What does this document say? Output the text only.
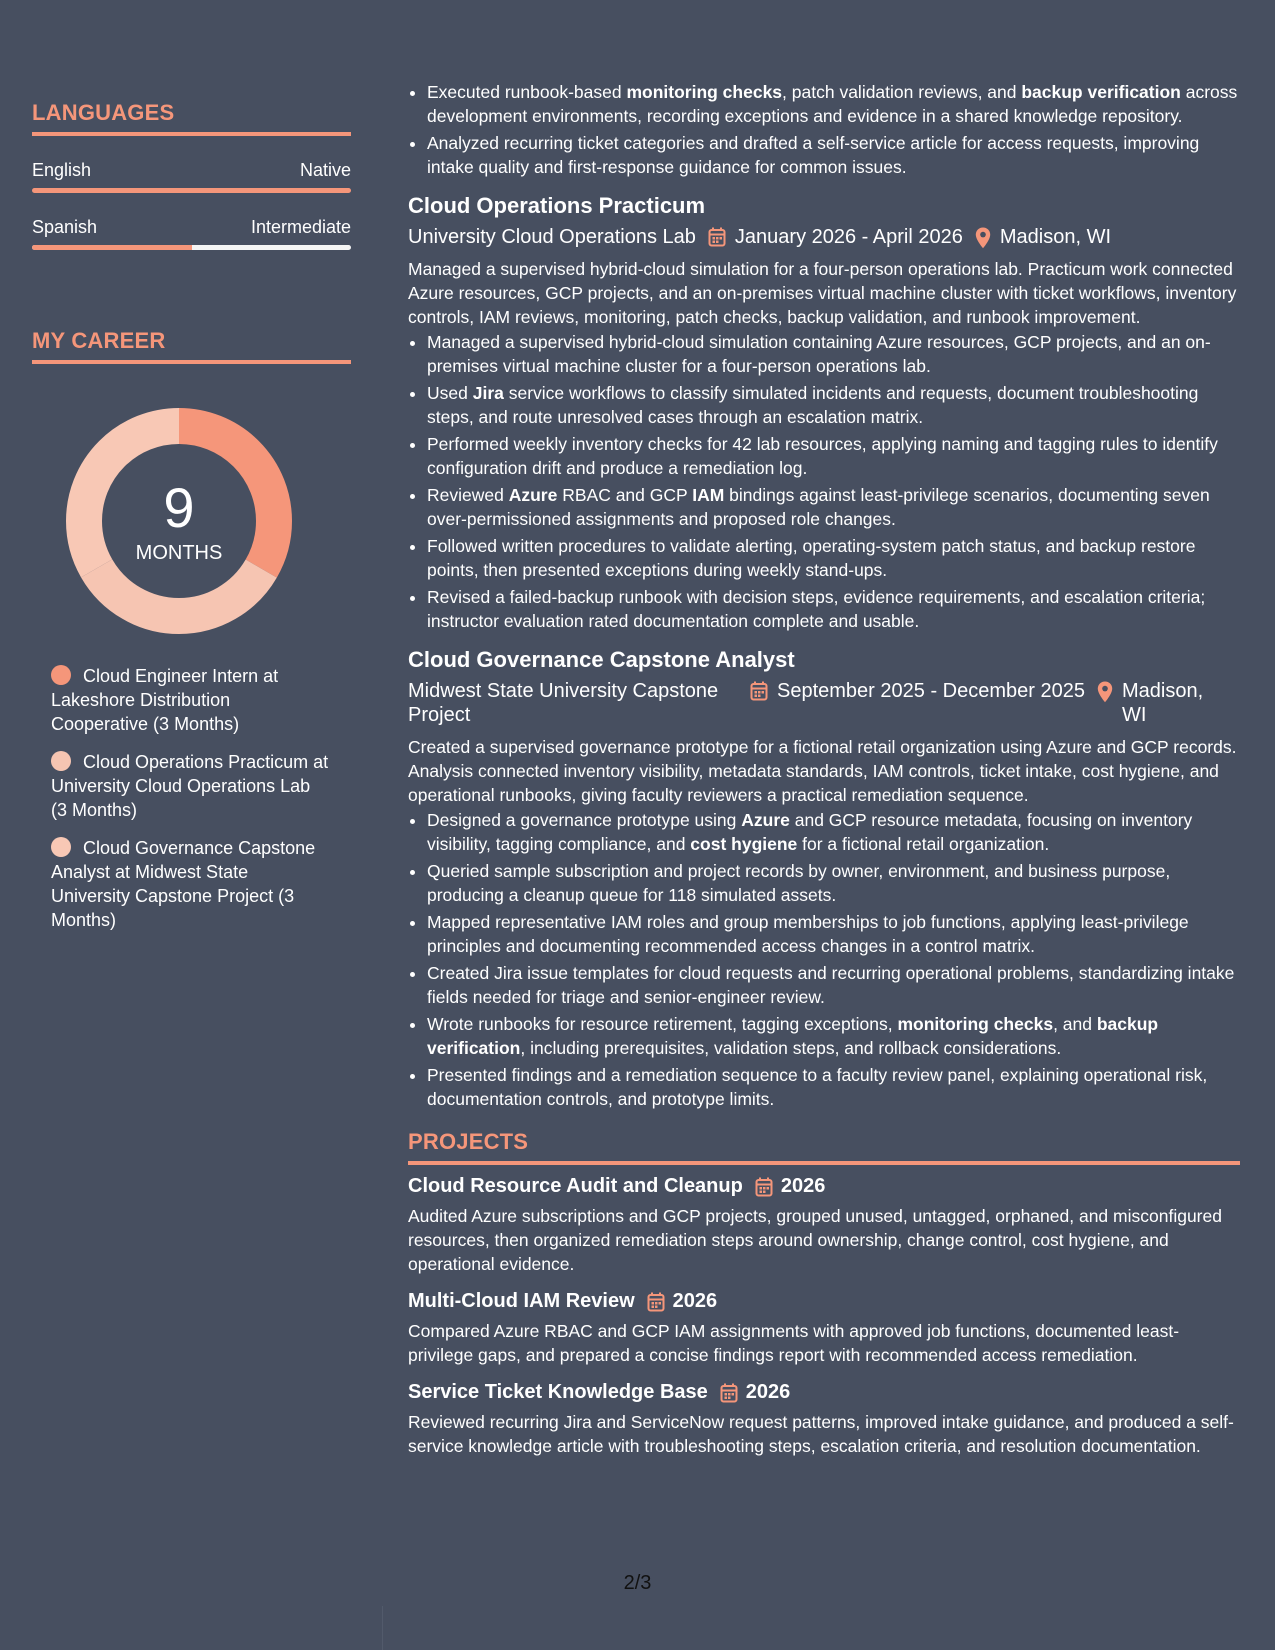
LANGUAGES
English	Native
Spanish	Intermediate
MY CAREER
9
MONTHS
Cloud Engineer Intern at Lakeshore Distribution Cooperative (3 Months)
Cloud Operations Practicum at University Cloud Operations Lab (3 Months)
Cloud Governance Capstone Analyst at Midwest State University Capstone Project (3 Months)
• Executed runbook-based monitoring checks, patch validation reviews, and backup verification across development environments, recording exceptions and evidence in a shared knowledge repository.
• Analyzed recurring ticket categories and drafted a self-service article for access requests, improving intake quality and first-response guidance for common issues.
Cloud Operations Practicum
University Cloud Operations Lab January 2026 - April 2026 Madison, WI

Managed a supervised hybrid-cloud simulation for a four-person operations lab. Practicum work connected Azure resources, GCP projects, and an on-premises virtual machine cluster with ticket workflows, inventory controls, IAM reviews, monitoring, patch checks, backup validation, and runbook improvement.

• Managed a supervised hybrid-cloud simulation containing Azure resources, GCP projects, and an on-premises virtual machine cluster for a four-person operations lab.
• Used Jira service workflows to classify simulated incidents and requests, document troubleshooting steps, and route unresolved cases through an escalation matrix.
• Performed weekly inventory checks for 42 lab resources, applying naming and tagging rules to identify configuration drift and produce a remediation log.
• Reviewed Azure RBAC and GCP IAM bindings against least-privilege scenarios, documenting seven over-permissioned assignments and proposed role changes.
• Followed written procedures to validate alerting, operating-system patch status, and backup restore points, then presented exceptions during weekly stand-ups.
• Revised a failed-backup runbook with decision steps, evidence requirements, and escalation criteria; instructor evaluation rated documentation complete and usable.
Cloud Governance Capstone Analyst
Midwest State University Capstone Project
September 2025 - December 2025 Madison, WI

Created a supervised governance prototype for a fictional retail organization using Azure and GCP records. Analysis connected inventory visibility, metadata standards, IAM controls, ticket intake, cost hygiene, and operational runbooks, giving faculty reviewers a practical remediation sequence.

• Designed a governance prototype using Azure and GCP resource metadata, focusing on inventory visibility, tagging compliance, and cost hygiene for a fictional retail organization.
• Queried sample subscription and project records by owner, environment, and business purpose, producing a cleanup queue for 118 simulated assets.
• Mapped representative IAM roles and group memberships to job functions, applying least-privilege principles and documenting recommended access changes in a control matrix.
• Created Jira issue templates for cloud requests and recurring operational problems, standardizing intake fields needed for triage and senior-engineer review.
• Wrote runbooks for resource retirement, tagging exceptions, monitoring checks, and backup verification, including prerequisites, validation steps, and rollback considerations.
• Presented findings and a remediation sequence to a faculty review panel, explaining operational risk, documentation controls, and prototype limits.
PROJECTS
Cloud Resource Audit and Cleanup 2026
Audited Azure subscriptions and GCP projects, grouped unused, untagged, orphaned, and misconfigured resources, then organized remediation steps around ownership, change control, cost hygiene, and operational evidence.
Multi-Cloud IAM Review 2026
Compared Azure RBAC and GCP IAM assignments with approved job functions, documented least-privilege gaps, and prepared a concise findings report with recommended access remediation.
Service Ticket Knowledge Base 2026
Reviewed recurring Jira and ServiceNow request patterns, improved intake guidance, and produced a self-service knowledge article with troubleshooting steps, escalation criteria, and resolution documentation.
2/3
